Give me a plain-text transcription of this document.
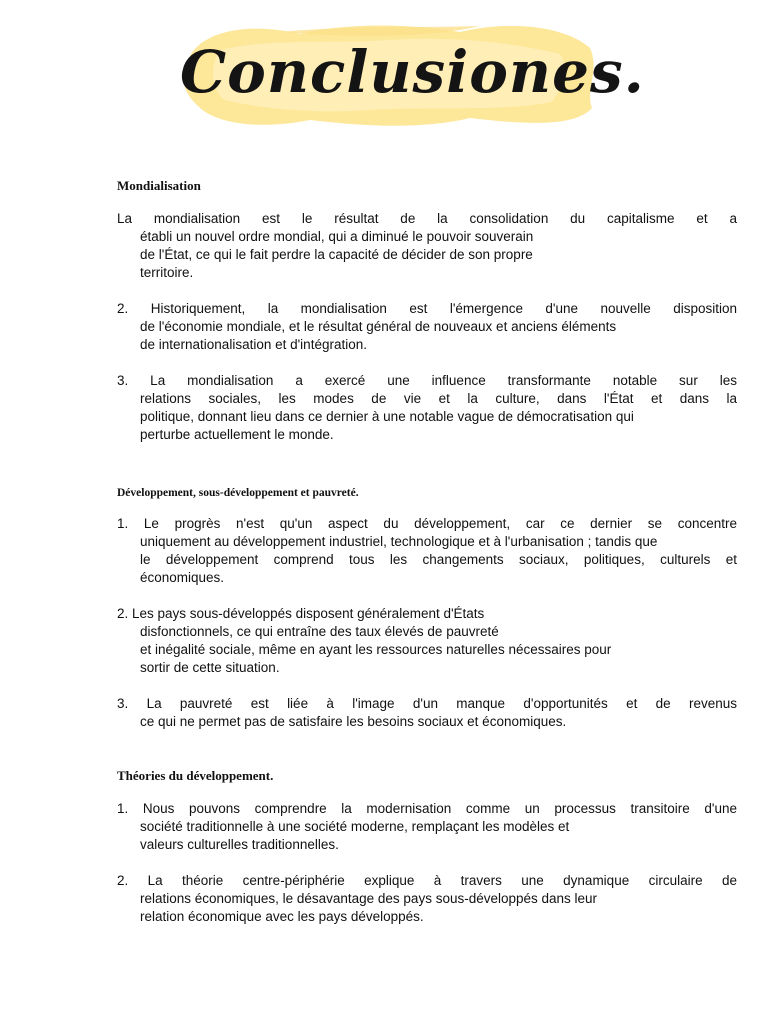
Conclusiones.
Mondialisation
La mondialisation est le résultat de la consolidation du capitalisme et a
établi un nouvel ordre mondial, qui a diminué le pouvoir souverain
de l'État, ce qui le fait perdre la capacité de décider de son propre
territoire.
2. Historiquement, la mondialisation est l'émergence d'une nouvelle disposition
de l'économie mondiale, et le résultat général de nouveaux et anciens éléments
de internationalisation et d'intégration.
3. La mondialisation a exercé une influence transformante notable sur les
relations sociales, les modes de vie et la culture, dans l'État et dans la
politique, donnant lieu dans ce dernier à une notable vague de démocratisation qui
perturbe actuellement le monde.
Développement, sous-développement et pauvreté.
1. Le progrès n'est qu'un aspect du développement, car ce dernier se concentre
uniquement au développement industriel, technologique et à l'urbanisation ; tandis que
le développement comprend tous les changements sociaux, politiques, culturels et
économiques.
2. Les pays sous-développés disposent généralement d'États
disfonctionnels, ce qui entraîne des taux élevés de pauvreté
et inégalité sociale, même en ayant les ressources naturelles nécessaires pour
sortir de cette situation.
3. La pauvreté est liée à l'image d'un manque d'opportunités et de revenus
ce qui ne permet pas de satisfaire les besoins sociaux et économiques.
Théories du développement.
1. Nous pouvons comprendre la modernisation comme un processus transitoire d'une
société traditionnelle à une société moderne, remplaçant les modèles et
valeurs culturelles traditionnelles.
2. La théorie centre-périphérie explique à travers une dynamique circulaire de
relations économiques, le désavantage des pays sous-développés dans leur
relation économique avec les pays développés.
